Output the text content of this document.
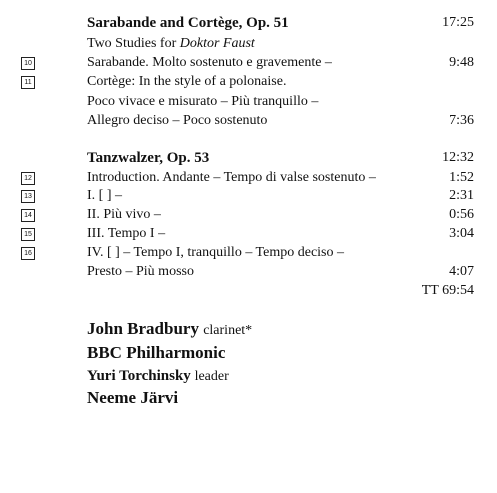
Sarabande and Cortège, Op. 51	17:25
Two Studies for Doktor Faust
10	Sarabande. Molto sostenuto e gravemente –	9:48
11	Cortège: In the style of a polonaise.
Poco vivace e misurato – Più tranquillo –
Allegro deciso – Poco sostenuto	7:36
Tanzwalzer, Op. 53	12:32
12	Introduction. Andante – Tempo di valse sostenuto –	1:52
13	I. [ ] –	2:31
14	II. Più vivo –	0:56
15	III. Tempo I –	3:04
16	IV. [ ] – Tempo I, tranquillo – Tempo deciso –
Presto – Più mosso	4:07
TT 69:54
John Bradbury clarinet*
BBC Philharmonic
Yuri Torchinsky leader
Neeme Järvi
